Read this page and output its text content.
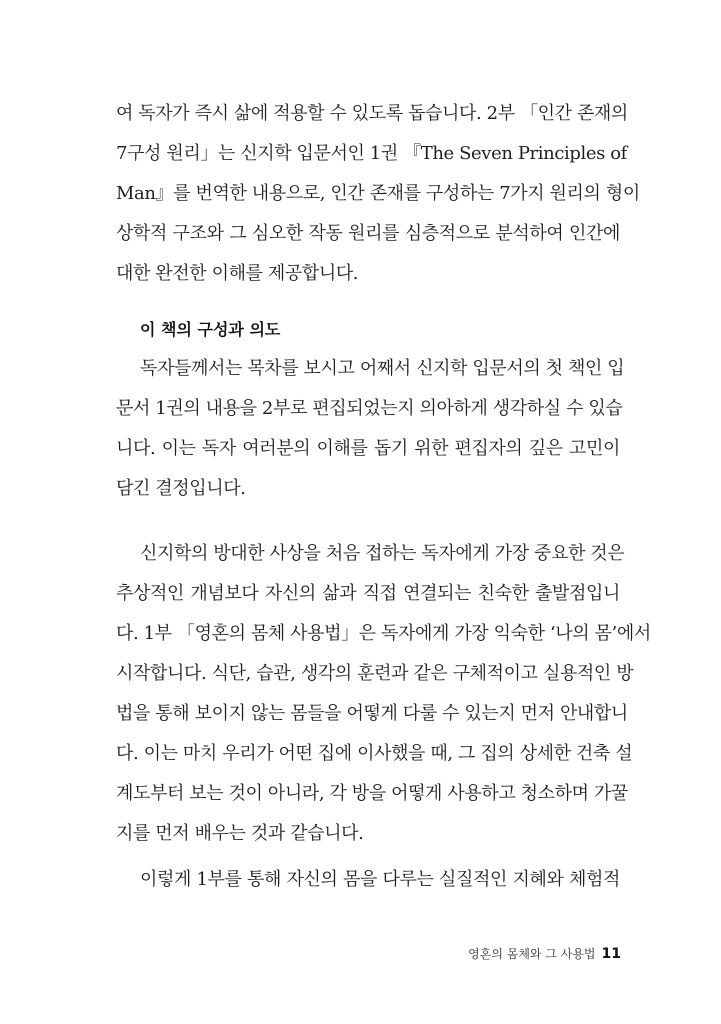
여 독자가 즉시 삶에 적용할 수 있도록 돕습니다. 2부 「인간 존재의
7구성 원리」는 신지학 입문서인 1권 『The Seven Principles of
Man』를 번역한 내용으로, 인간 존재를 구성하는 7가지 원리의 형이
상학적 구조와 그 심오한 작동 원리를 심층적으로 분석하여 인간에
대한 완전한 이해를 제공합니다.
이 책의 구성과 의도
독자들께서는 목차를 보시고 어째서 신지학 입문서의 첫 책인 입
문서 1권의 내용을 2부로 편집되었는지 의아하게 생각하실 수 있습
니다. 이는 독자 여러분의 이해를 돕기 위한 편집자의 깊은 고민이
담긴 결정입니다.
신지학의 방대한 사상을 처음 접하는 독자에게 가장 중요한 것은
추상적인 개념보다 자신의 삶과 직접 연결되는 친숙한 출발점입니
다. 1부 「영혼의 몸체 사용법」은 독자에게 가장 익숙한 ‘나의 몸’에서
시작합니다. 식단, 습관, 생각의 훈련과 같은 구체적이고 실용적인 방
법을 통해 보이지 않는 몸들을 어떻게 다룰 수 있는지 먼저 안내합니
다. 이는 마치 우리가 어떤 집에 이사했을 때, 그 집의 상세한 건축 설
계도부터 보는 것이 아니라, 각 방을 어떻게 사용하고 청소하며 가꿀
지를 먼저 배우는 것과 같습니다.
이렇게 1부를 통해 자신의 몸을 다루는 실질적인 지혜와 체험적
영혼의 몸체와 그 사용법 11
